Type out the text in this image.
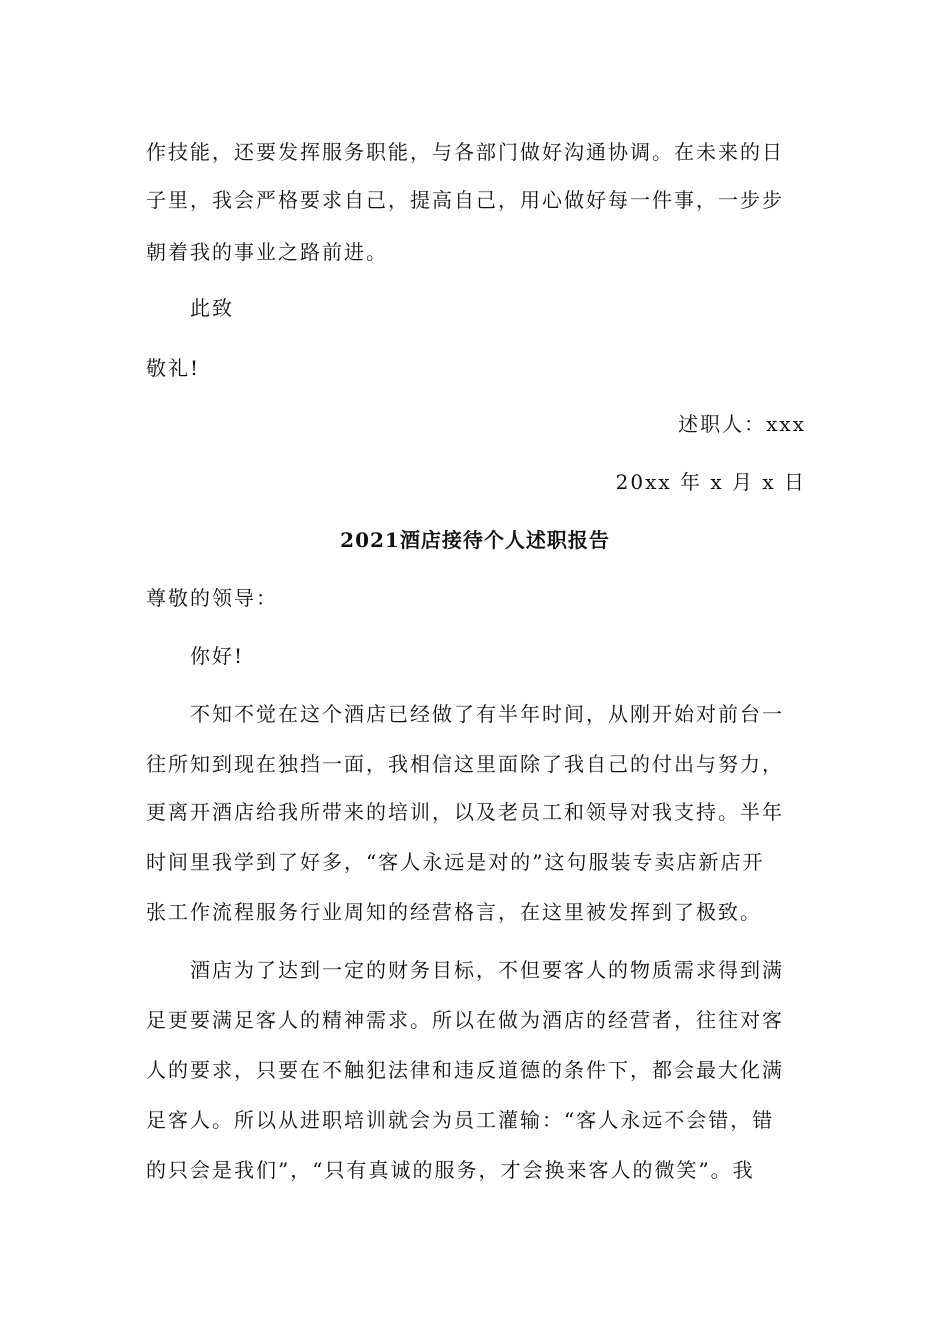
作技能，还要发挥服务职能，与各部门做好沟通协调。在未来的日

子里，我会严格要求自己，提高自己，用心做好每一件事，一步步

朝着我的事业之路前进。

此致

敬礼!

述职人：xxx

20xx 年 x 月 x 日

2021酒店接待个人述职报告

尊敬的领导：

你好!

不知不觉在这个酒店已经做了有半年时间，从刚开始对前台一

往所知到现在独挡一面，我相信这里面除了我自己的付出与努力，

更离开酒店给我所带来的培训，以及老员工和领导对我支持。半年

时间里我学到了好多，“客人永远是对的”这句服装专卖店新店开

张工作流程服务行业周知的经营格言，在这里被发挥到了极致。

酒店为了达到一定的财务目标，不但要客人的物质需求得到满

足更要满足客人的精神需求。所以在做为酒店的经营者，往往对客

人的要求，只要在不触犯法律和违反道德的条件下，都会最大化满

足客人。所以从进职培训就会为员工灌输：“客人永远不会错，错

的只会是我们”，“只有真诚的服务，才会换来客人的微笑”。我
